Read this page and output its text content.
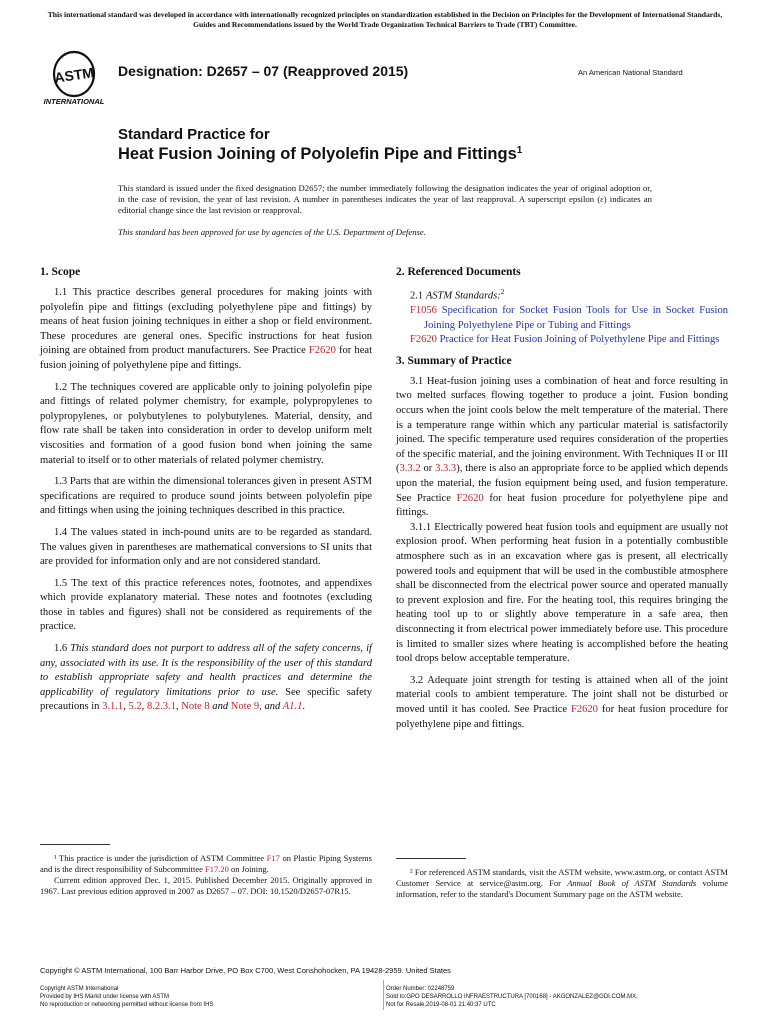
This international standard was developed in accordance with internationally recognized principles on standardization established in the Decision on Principles for the Development of International Standards, Guides and Recommendations issued by the World Trade Organization Technical Barriers to Trade (TBT) Committee.
ASTM
INTERNATIONAL
Designation: D2657 – 07 (Reapproved 2015)	An American National Standard
Standard Practice for
Heat Fusion Joining of Polyolefin Pipe and Fittings$^1$
This standard is issued under the fixed designation D2657; the number immediately following the designation indicates the year of original adoption or, in the case of revision, the year of last revision. A number in parentheses indicates the year of last reapproval. A superscript epsilon (ε) indicates an editorial change since the last revision or reapproval.
This standard has been approved for use by agencies of the U.S. Department of Defense.
1. Scope

1.1 This practice describes general procedures for making joints with polyolefin pipe and fittings (excluding polyethylene pipe and fittings) by means of heat fusion joining techniques in either a shop or field environment. These procedures are general ones. Specific instructions for heat fusion joining are obtained from product manufacturers. See Practice F2620 for heat fusion joining of polyethylene pipe and fittings.

1.2 The techniques covered are applicable only to joining polyolefin pipe and fittings of related polymer chemistry, for example, polypropylenes to polypropylenes, or polybutylenes to polybutylenes. Material, density, and flow rate shall be taken into consideration in order to develop uniform melt viscosities and formation of a good fusion bond when joining the same material to itself or to other materials of related polymer chemistry.

1.3 Parts that are within the dimensional tolerances given in present ASTM specifications are required to produce sound joints between polyolefin pipe and fittings when using the joining techniques described in this practice.

1.4 The values stated in inch-pound units are to be regarded as standard. The values given in parentheses are mathematical conversions to SI units that are provided for information only and are not considered standard.

1.5 The text of this practice references notes, footnotes, and appendixes which provide explanatory material. These notes and footnotes (excluding those in tables and figures) shall not be considered as requirements of the practice.

1.6 This standard does not purport to address all of the safety concerns, if any, associated with its use. It is the responsibility of the user of this standard to establish appropriate safety and health practices and determine the applicability of regulatory limitations prior to use. See specific safety precautions in 3.1.1, 5.2, 8.2.3.1, Note 8 and Note 9, and A1.1.

2. Referenced Documents

2.1 ASTM Standards:$^2$

F1056 Specification for Socket Fusion Tools for Use in Socket Fusion Joining Polyethylene Pipe or Tubing and Fittings

F2620 Practice for Heat Fusion Joining of Polyethylene Pipe and Fittings

3. Summary of Practice

3.1 Heat-fusion joining uses a combination of heat and force resulting in two melted surfaces flowing together to produce a joint. Fusion bonding occurs when the joint cools below the melt temperature of the material. There is a temperature range within which any particular material is satisfactorily joined. The specific temperature used requires consideration of the properties of the specific material, and the joining environment. With Techniques II or III (3.3.2 or 3.3.3), there is also an appropriate force to be applied which depends upon the material, the fusion equipment being used, and fusion temperature. See Practice F2620 for heat fusion procedure for polyethylene pipe and fittings.

3.1.1 Electrically powered heat fusion tools and equipment are usually not explosion proof. When performing heat fusion in a potentially combustible atmosphere such as in an excavation where gas is present, all electrically powered tools and equipment that will be used in the combustible atmosphere shall be disconnected from the electrical power source and operated manually to prevent explosion and fire. For the heating tool, this requires bringing the heating tool up to or slightly above temperature in a safe area, then disconnecting it from electrical power immediately before use. This procedure is limited to smaller sizes where heating is accomplished before the heating tool drops below acceptable temperature.

3.2 Adequate joint strength for testing is attained when all of the joint material cools to ambient temperature. The joint shall not be disturbed or moved until it has cooled. See Practice F2620 for heat fusion procedure for polyethylene pipe and fittings.

¹ This practice is under the jurisdiction of ASTM Committee F17 on Plastic Piping Systems and is the direct responsibility of Subcommittee F17.20 on Joining.

Current edition approved Dec. 1, 2015. Published December 2015. Originally approved in 1967. Last previous edition approved in 2007 as D2657 – 07. DOI: 10.1520/D2657-07R15.

² For referenced ASTM standards, visit the ASTM website, www.astm.org, or contact ASTM Customer Service at service@astm.org. For Annual Book of ASTM Standards volume information, refer to the standard's Document Summary page on the ASTM website.

Copyright © ASTM International, 100 Barr Harbor Drive, PO Box C700, West Conshohocken, PA 19428-2959. United States

Copyright ASTM International

Provided by IHS Markit under license with ASTM

No reproduction or networking permitted without license from IHS

Order Number: 02248759

Sold to:GPO DESARROLLO INFRAESTRUCTURA [700168] - AKGONZALEZ@GDI.COM.MX,

Not for Resale,2019-08-01 21:40:37 UTC
